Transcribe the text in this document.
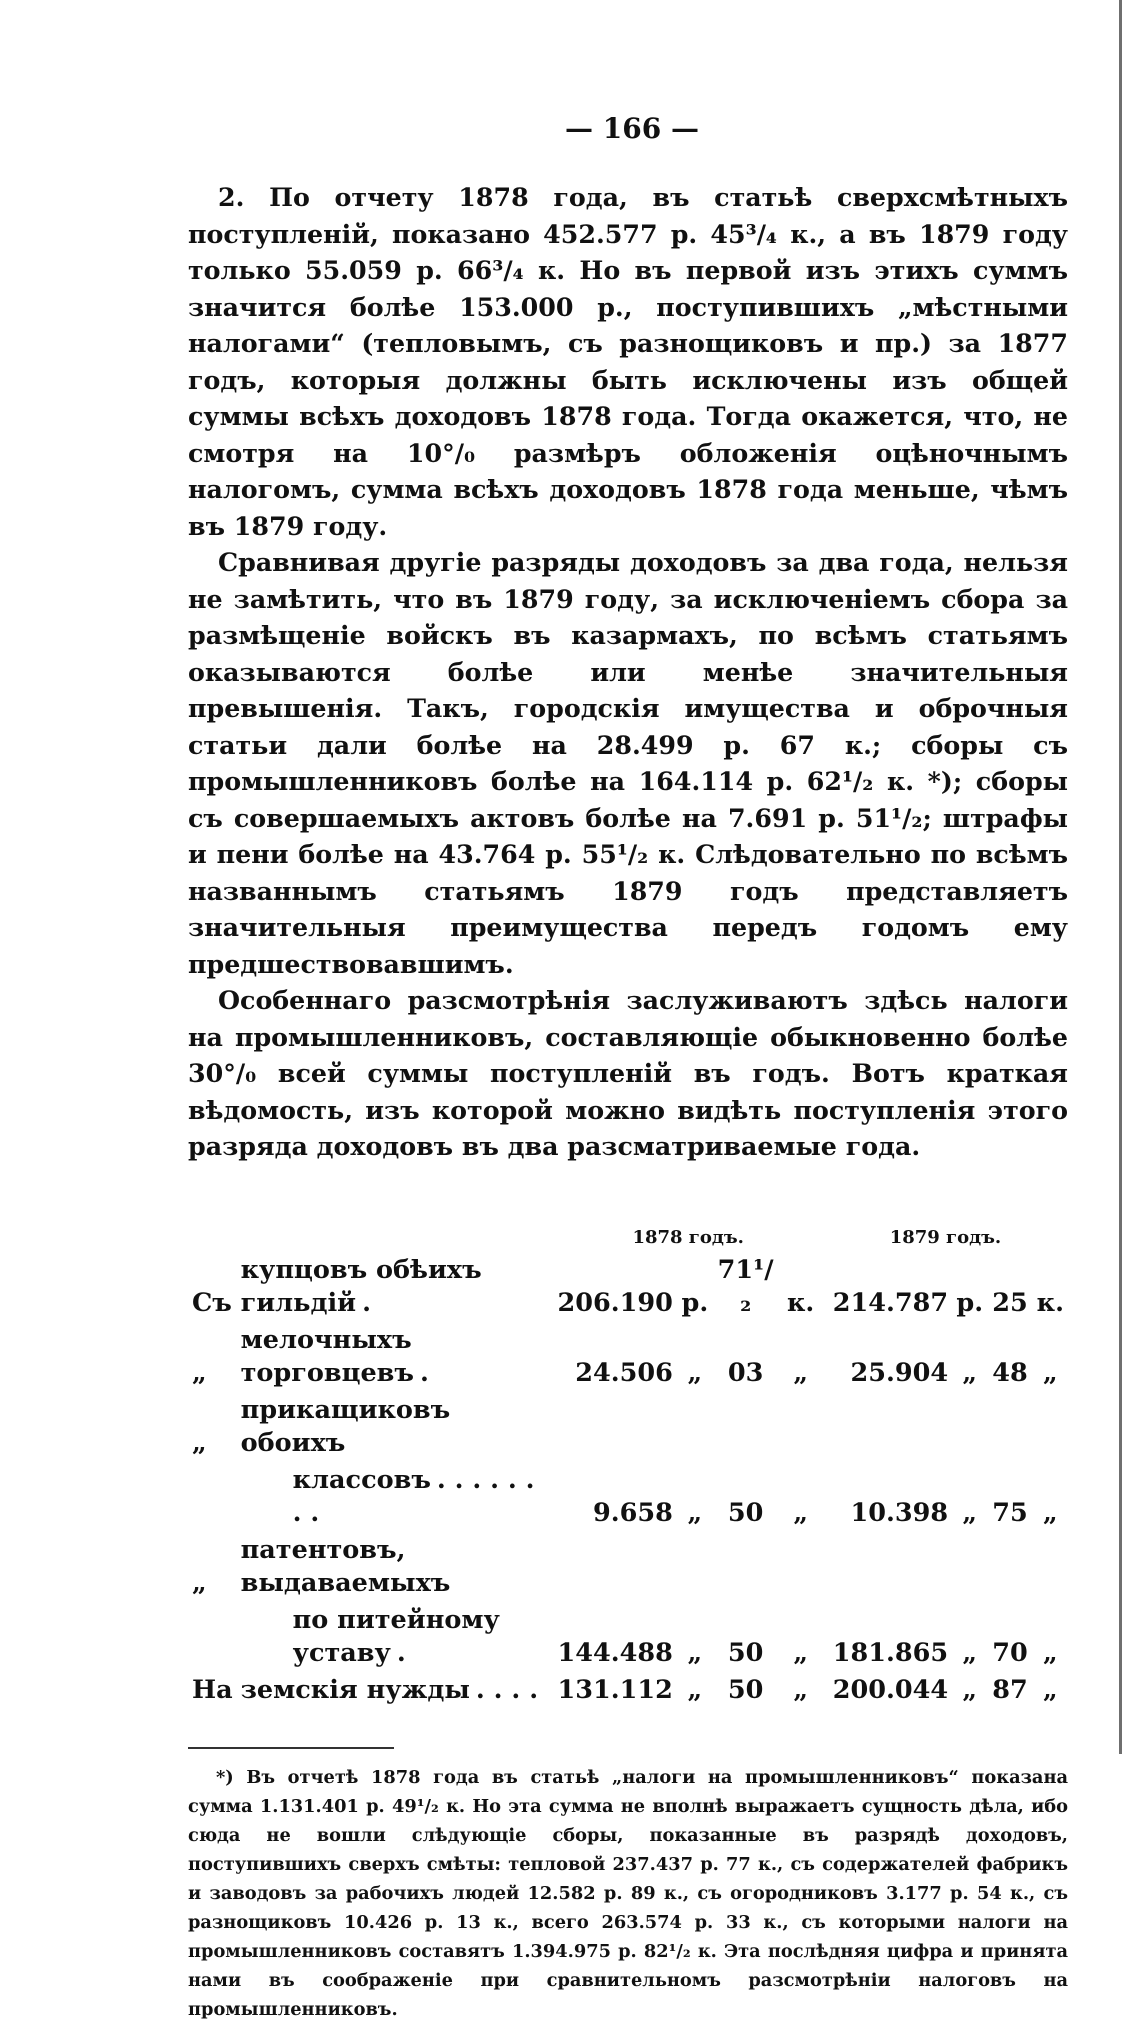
— 166 —

2. По отчету 1878 года, въ статьѣ сверхсмѣтныхъ поступленій, показано 452.577 р. 45³/₄ к., а въ 1879 году только 55.059 р. 66³/₄ к. Но въ первой изъ этихъ суммъ значится болѣе 153.000 р., поступившихъ „мѣстными налогами“ (тепловымъ, съ разнощиковъ и пр.) за 1877 годъ, которыя должны быть исключены изъ общей суммы всѣхъ доходовъ 1878 года. Тогда окажется, что, не смотря на 10°/₀ размѣръ обложенія оцѣночнымъ налогомъ, сумма всѣхъ доходовъ 1878 года меньше, чѣмъ въ 1879 году.

Сравнивая другіе разряды доходовъ за два года, нельзя не замѣтить, что въ 1879 году, за исключеніемъ сбора за размѣщеніе войскъ въ казармахъ, по всѣмъ статьямъ оказываются болѣе или менѣе значительныя превышенія. Такъ, городскія имущества и оброчныя статьи дали болѣе на 28.499 р. 67 к.; сборы съ промышленниковъ болѣе на 164.114 р. 62¹/₂ к. *); сборы съ совершаемыхъ актовъ болѣе на 7.691 р. 51¹/₂; штрафы и пени болѣе на 43.764 р. 55¹/₂ к. Слѣдовательно по всѣмъ названнымъ статьямъ 1879 годъ представляетъ значительныя преимущества передъ годомъ ему предшествовавшимъ.

Особеннаго разсмотрѣнія заслуживаютъ здѣсь налоги на промышленниковъ, составляющіе обыкновенно болѣе 30°/₀ всей суммы поступленій въ годъ. Вотъ краткая вѣдомость, изъ которой можно видѣть поступленія этого разряда доходовъ въ два разсматриваемые года.

		1878 годъ.				1879 годъ.			
Съ	купцовъ обѣихъ гильдій .	206.190	р.	71¹/₂	к.	214.787	р.	25	к.
„	мелочныхъ торговцевъ .	24.506	„	03	„	25.904	„	48	„
„	прикащиковъ обоихъ								
	классовъ . . . . . . . .	9.658	„	50	„	10.398	„	75	„
„	патентовъ, выдаваемыхъ								
	по питейному уставу .	144.488	„	50	„	181.865	„	70	„
На	земскія нужды . . . .	131.112	„	50	„	200.044	„	87	„

*) Въ отчетѣ 1878 года въ статьѣ „налоги на промышленниковъ“ показана сумма 1.131.401 р. 49¹/₂ к. Но эта сумма не вполнѣ выражаетъ сущность дѣла, ибо сюда не вошли слѣдующіе сборы, показанные въ разрядѣ доходовъ, поступившихъ сверхъ смѣты: тепловой 237.437 р. 77 к., съ содержателей фабрикъ и заводовъ за рабочихъ людей 12.582 р. 89 к., съ огородниковъ 3.177 р. 54 к., съ разнощиковъ 10.426 р. 13 к., всего 263.574 р. 33 к., съ которыми налоги на промышленниковъ составятъ 1.394.975 р. 82¹/₂ к. Эта послѣдняя цифра и принята нами въ соображеніе при сравнительномъ разсмотрѣніи налоговъ на промышленниковъ.
